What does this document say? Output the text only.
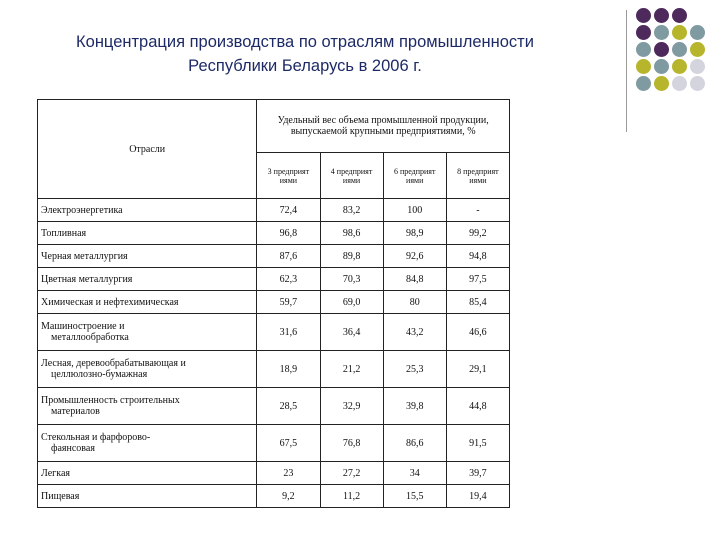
Концентрация производства по отраслям промышленности
Республики Беларусь в 2006 г.
Отрасли	Удельный вес объема промышленной продукции, выпускаемой крупными предприятиями, %			
	3 предприят иями	4 предприят иями	6 предприят иями	8 предприят иями

Электроэнергетика	72,4	83,2	100	-

Топливная	96,8	98,6	98,9	99,2

Черная металлургия	87,6	89,8	92,6	94,8

Цветная металлургия	62,3	70,3	84,8	97,5

Химическая и нефтехимическая	59,7	69,0	80	85,4

Машиностроение и
металлообработка	31,6	36,4	43,2	46,6

Лесная, деревообрабатывающая и
целлюлозно-бумажная	18,9	21,2	25,3	29,1

Промышленность строительных
материалов	28,5	32,9	39,8	44,8

Стекольная и фарфорово-
фаянсовая	67,5	76,8	86,6	91,5

Легкая	23	27,2	34	39,7

Пищевая	9,2	11,2	15,5	19,4
